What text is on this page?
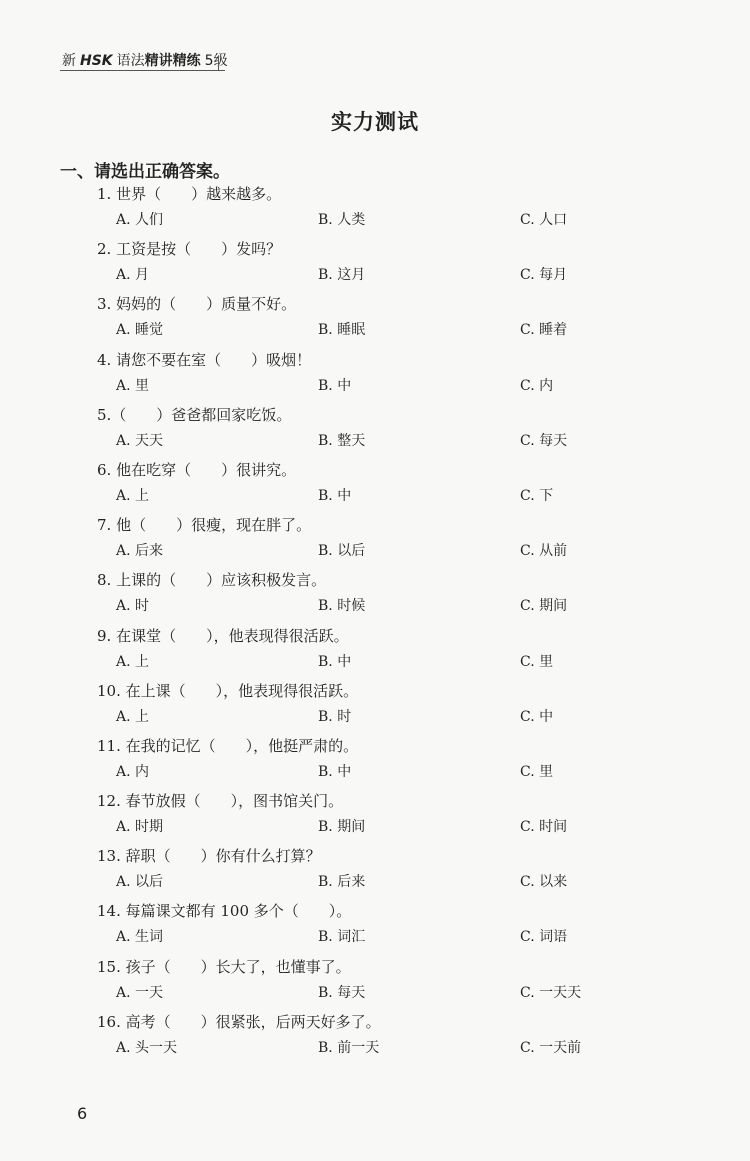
新 HSK 语法精讲精练 5级
实力测试
一、请选出正确答案。
1. 世界（　　）越来越多。
A. 人们	B. 人类	C. 人口
2. 工资是按（　　）发吗？
A. 月	B. 这月	C. 每月
3. 妈妈的（　　）质量不好。
A. 睡觉	B. 睡眠	C. 睡着
4. 请您不要在室（　　）吸烟！
A. 里	B. 中	C. 内
5.（　　）爸爸都回家吃饭。
A. 天天	B. 整天	C. 每天
6. 他在吃穿（　　）很讲究。
A. 上	B. 中	C. 下
7. 他（　　）很瘦，现在胖了。
A. 后来	B. 以后	C. 从前
8. 上课的（　　）应该积极发言。
A. 时	B. 时候	C. 期间
9. 在课堂（　　），他表现得很活跃。
A. 上	B. 中	C. 里
10. 在上课（　　），他表现得很活跃。
A. 上	B. 时	C. 中
11. 在我的记忆（　　），他挺严肃的。
A. 内	B. 中	C. 里
12. 春节放假（　　），图书馆关门。
A. 时期	B. 期间	C. 时间
13. 辞职（　　）你有什么打算？
A. 以后	B. 后来	C. 以来
14. 每篇课文都有 100 多个（　　）。
A. 生词	B. 词汇	C. 词语
15. 孩子（　　）长大了，也懂事了。
A. 一天	B. 每天	C. 一天天
16. 高考（　　）很紧张，后两天好多了。
A. 头一天	B. 前一天	C. 一天前
6
